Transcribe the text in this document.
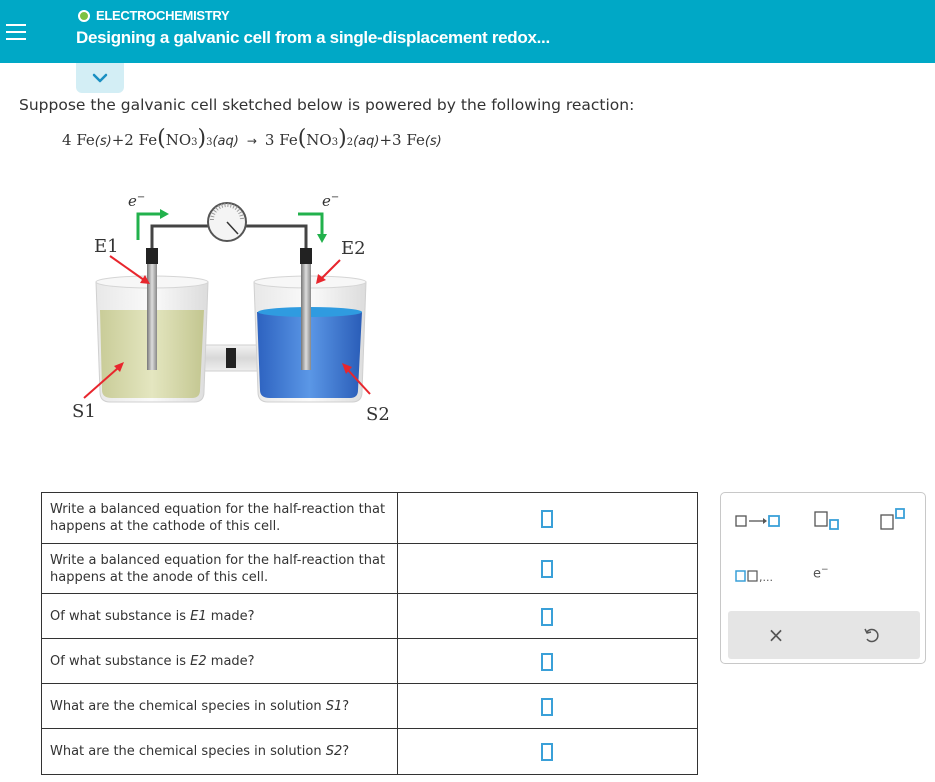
ELECTROCHEMISTRY
Designing a galvanic cell from a single-displacement redox...
Suppose the galvanic cell sketched below is powered by the following reaction:
4
Fe (s) + 2
Fe ( NO 3 )$_3$ (aq) → 3
Fe ( NO 3 )$_2$ (aq) + 3
Fe (s)
e−	e−
E1	E2
S1	S2
Write a balanced equation for the half-reaction that happens at the cathode of this cell.	
Write a balanced equation for the half-reaction that happens at the anode of this cell.	
Of what substance is E1 made?	
Of what substance is E2 made?	
What are the chemical species in solution S1?	
What are the chemical species in solution S2?	
,...	e−
×
